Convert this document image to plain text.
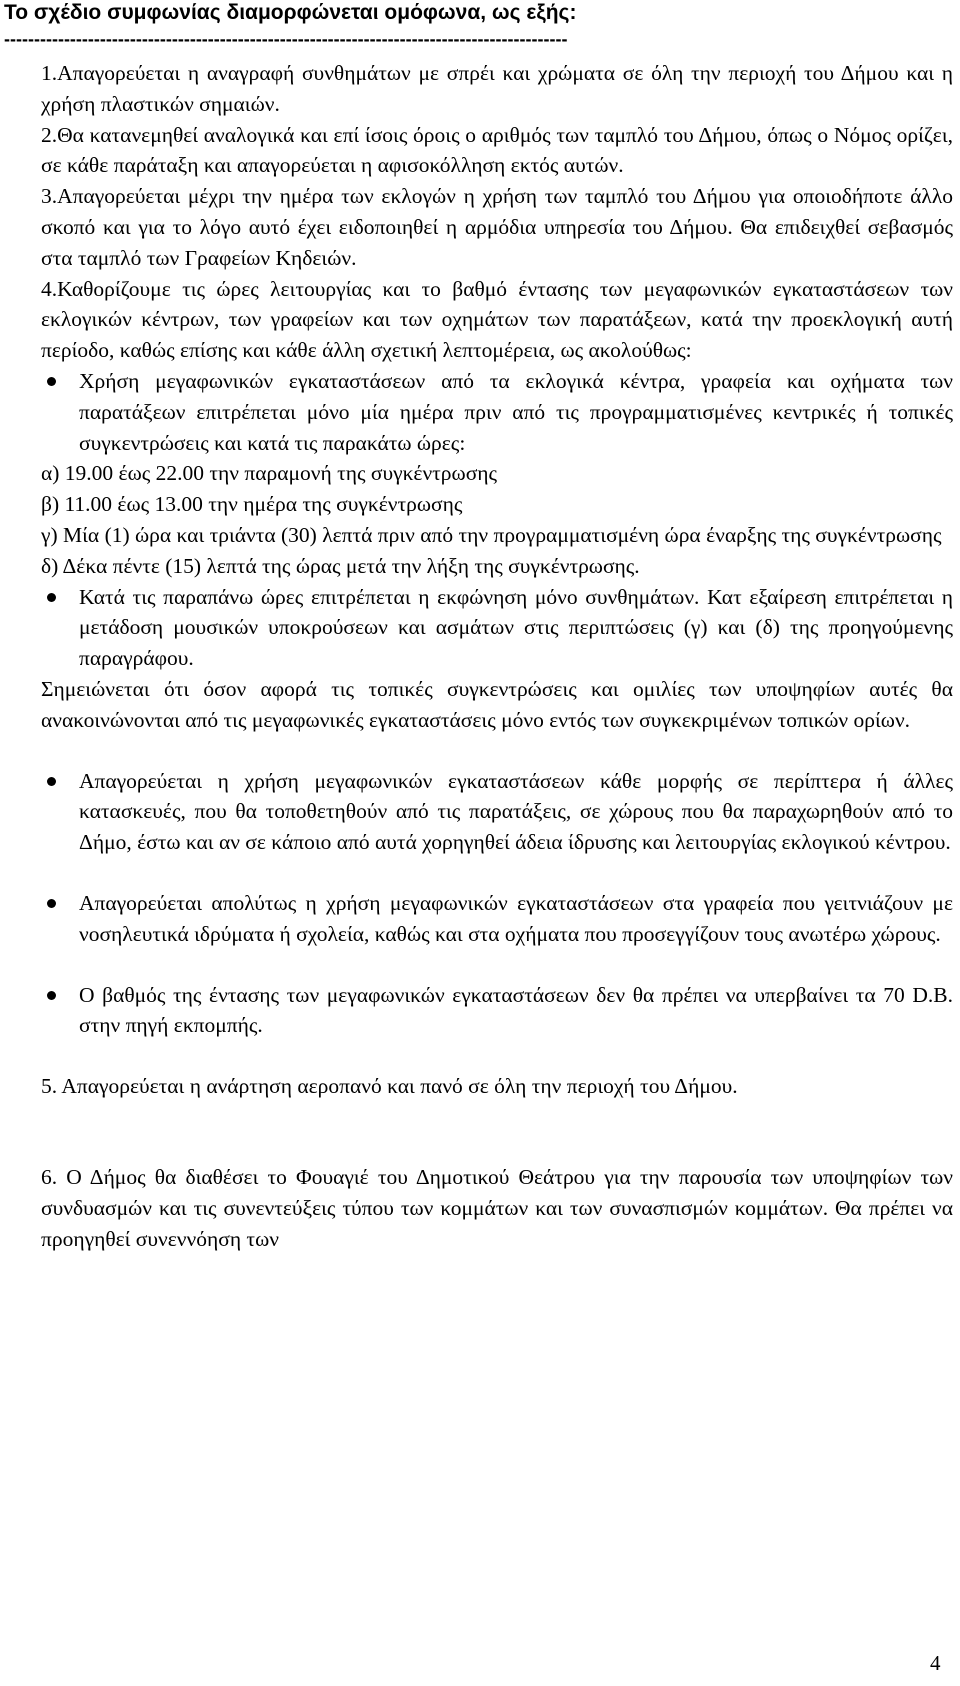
Το σχέδιο συμφωνίας διαμορφώνεται ομόφωνα, ως εξής:
----------------------------------------------------------------------------------------------

1.Απαγορεύεται η αναγραφή συνθημάτων με σπρέι και χρώματα σε όλη την περιοχή του Δήμου και η χρήση πλαστικών σημαιών.

2.Θα κατανεμηθεί αναλογικά και επί ίσοις όροις ο αριθμός των ταμπλό του Δήμου, όπως ο Νόμος ορίζει, σε κάθε παράταξη και απαγορεύεται η αφισοκόλληση εκτός αυτών.

3.Απαγορεύεται μέχρι την ημέρα των εκλογών η χρήση των ταμπλό του Δήμου για οποιοδήποτε άλλο σκοπό και για το λόγο αυτό έχει ειδοποιηθεί η αρμόδια υπηρεσία του Δήμου. Θα επιδειχθεί σεβασμός στα ταμπλό των Γραφείων Κηδειών.

4.Καθορίζουμε τις ώρες λειτουργίας και το βαθμό έντασης των μεγαφωνικών εγκαταστάσεων των εκλογικών κέντρων, των γραφείων και των οχημάτων των παρατάξεων, κατά την προεκλογική αυτή περίοδο, καθώς επίσης και κάθε άλλη σχετική λεπτομέρεια, ως ακολούθως:

Χρήση μεγαφωνικών εγκαταστάσεων από τα εκλογικά κέντρα, γραφεία και οχήματα των παρατάξεων επιτρέπεται μόνο μία ημέρα πριν από τις προγραμματισμένες κεντρικές ή τοπικές συγκεντρώσεις και κατά τις παρακάτω ώρες:

α) 19.00 έως 22.00 την παραμονή της συγκέντρωσης

β) 11.00 έως 13.00 την ημέρα της συγκέντρωσης

γ) Μία (1) ώρα και τριάντα (30) λεπτά πριν από την προγραμματισμένη ώρα έναρξης της συγκέντρωσης

δ) Δέκα πέντε (15) λεπτά της ώρας μετά την λήξη της συγκέντρωσης.

Κατά τις παραπάνω ώρες επιτρέπεται η εκφώνηση μόνο συνθημάτων. Κατ εξαίρεση επιτρέπεται η μετάδοση μουσικών υποκρούσεων και ασμάτων στις περιπτώσεις (γ) και (δ) της προηγούμενης παραγράφου.

Σημειώνεται ότι όσον αφορά τις τοπικές συγκεντρώσεις και ομιλίες των υποψηφίων αυτές θα ανακοινώνονται από τις μεγαφωνικές εγκαταστάσεις μόνο εντός των συγκεκριμένων τοπικών ορίων.

Απαγορεύεται η χρήση μεγαφωνικών εγκαταστάσεων κάθε μορφής σε περίπτερα ή άλλες κατασκευές, που θα τοποθετηθούν από τις παρατάξεις, σε χώρους που θα παραχωρηθούν από το Δήμο, έστω και αν σε κάποιο από αυτά χορηγηθεί άδεια ίδρυσης και λειτουργίας εκλογικού κέντρου.

Απαγορεύεται απολύτως η χρήση μεγαφωνικών εγκαταστάσεων στα γραφεία που γειτνιάζουν με νοσηλευτικά ιδρύματα ή σχολεία, καθώς και στα οχήματα που προσεγγίζουν τους ανωτέρω χώρους.

Ο βαθμός της έντασης των μεγαφωνικών εγκαταστάσεων δεν θα πρέπει να υπερβαίνει τα 70 D.B. στην πηγή εκπομπής.

5. Απαγορεύεται η ανάρτηση αεροπανό και πανό σε όλη την περιοχή του Δήμου.

6. Ο Δήμος θα διαθέσει το Φουαγιέ του Δημοτικού Θεάτρου για την παρουσία των υποψηφίων των συνδυασμών και τις συνεντεύξεις τύπου των κομμάτων και των συνασπισμών κομμάτων. Θα πρέπει να προηγηθεί συνεννόηση των

4
